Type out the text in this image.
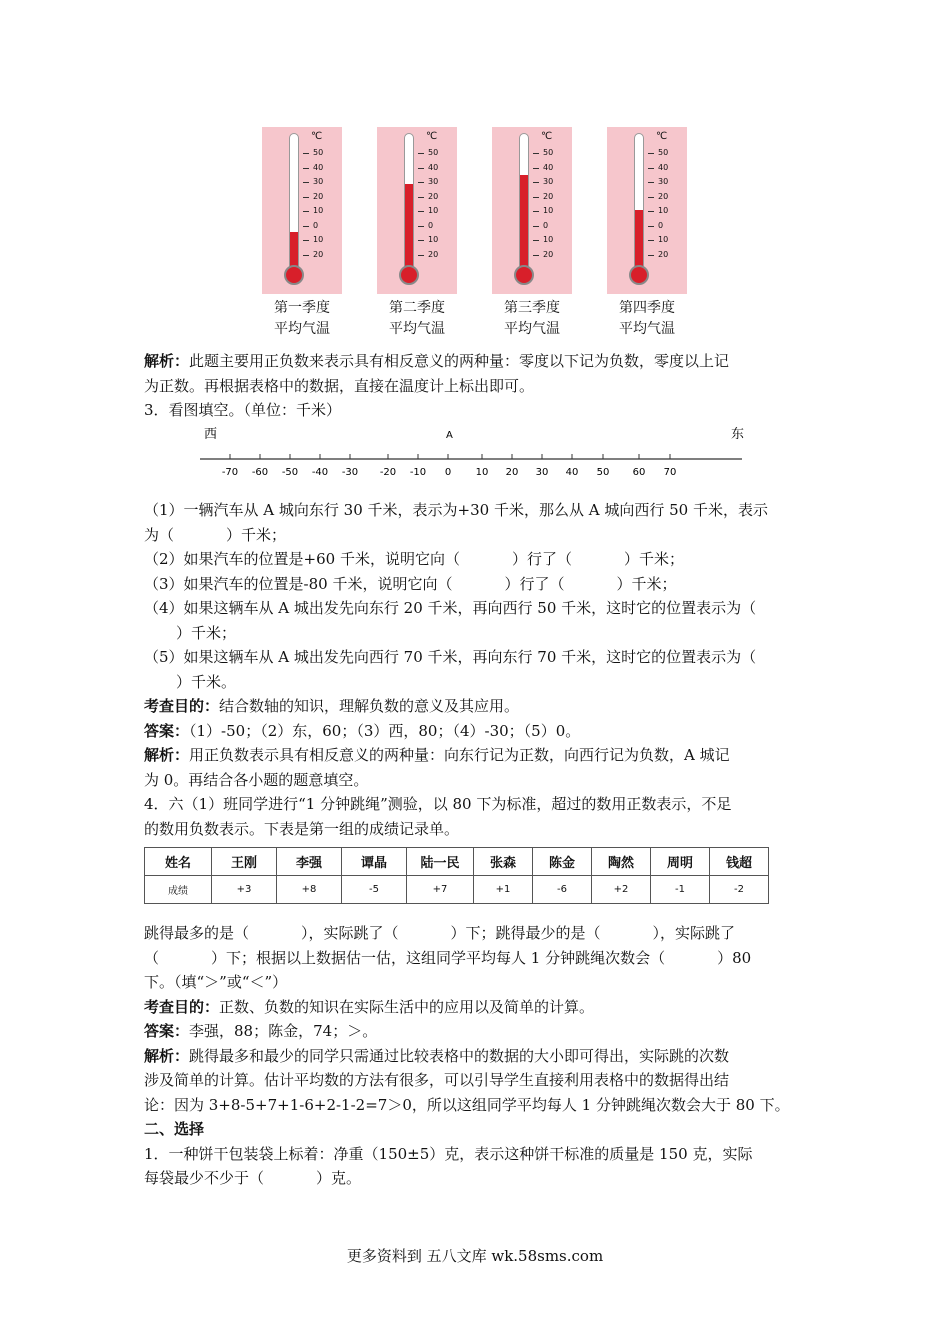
℃
50
40
30
20
10
0
10
20
第一季度
平均气温
℃
50
40
30
20
10
0
10
20
第二季度
平均气温
℃
50
40
30
20
10
0
10
20
第三季度
平均气温
℃
50
40
30
20
10
0
10
20
第四季度
平均气温
解析：此题主要用正负数来表示具有相反意义的两种量：零度以下记为负数，零度以上记
为正数。再根据表格中的数据，直接在温度计上标出即可。
3．看图填空。（单位：千米）
西	东
A
-70 -60 -50 -40 -30 -20 -10 0 10 20 30 40 50 60 70
（1）一辆汽车从 A 城向东行 30 千米，表示为+30 千米，那么从 A 城向西行 50 千米，表示
为（	）千米；
（2）如果汽车的位置是+60 千米，说明它向（	）行了（	）千米；
（3）如果汽车的位置是-80 千米，说明它向（	）行了（	）千米；
（4）如果这辆车从 A 城出发先向东行 20 千米，再向西行 50 千米，这时它的位置表示为（
）千米；
（5）如果这辆车从 A 城出发先向西行 70 千米，再向东行 70 千米，这时它的位置表示为（
）千米。
考查目的：结合数轴的知识，理解负数的意义及其应用。
答案：（1）-50；（2）东，60；（3）西，80；（4）-30；（5）0。
解析：用正负数表示具有相反意义的两种量：向东行记为正数，向西行记为负数，A 城记
为 0。再结合各小题的题意填空。
4．六（1）班同学进行“1 分钟跳绳”测验，以 80 下为标准，超过的数用正数表示，不足
的数用负数表示。下表是第一组的成绩记录单。
姓名	王刚	李强	谭晶	陆一民	张森	陈金	陶然	周明	钱超
成绩	+3	+8	-5	+7	+1	-6	+2	-1	-2
跳得最多的是（	），实际跳了（	）下；跳得最少的是（	），实际跳了
（	）下；根据以上数据估一估，这组同学平均每人 1 分钟跳绳次数会（	）80
下。（填“＞”或“＜”）
考查目的：正数、负数的知识在实际生活中的应用以及简单的计算。
答案：李强，88；陈金，74；＞。
解析：跳得最多和最少的同学只需通过比较表格中的数据的大小即可得出，实际跳的次数
涉及简单的计算。估计平均数的方法有很多，可以引导学生直接利用表格中的数据得出结
论：因为 3+8-5+7+1-6+2-1-2=7＞0，所以这组同学平均每人 1 分钟跳绳次数会大于 80 下。
二、选择
1．一种饼干包装袋上标着：净重（150±5）克，表示这种饼干标准的质量是 150 克，实际
每袋最少不少于（	）克。
更多资料到 五八文库 wk.58sms.com
